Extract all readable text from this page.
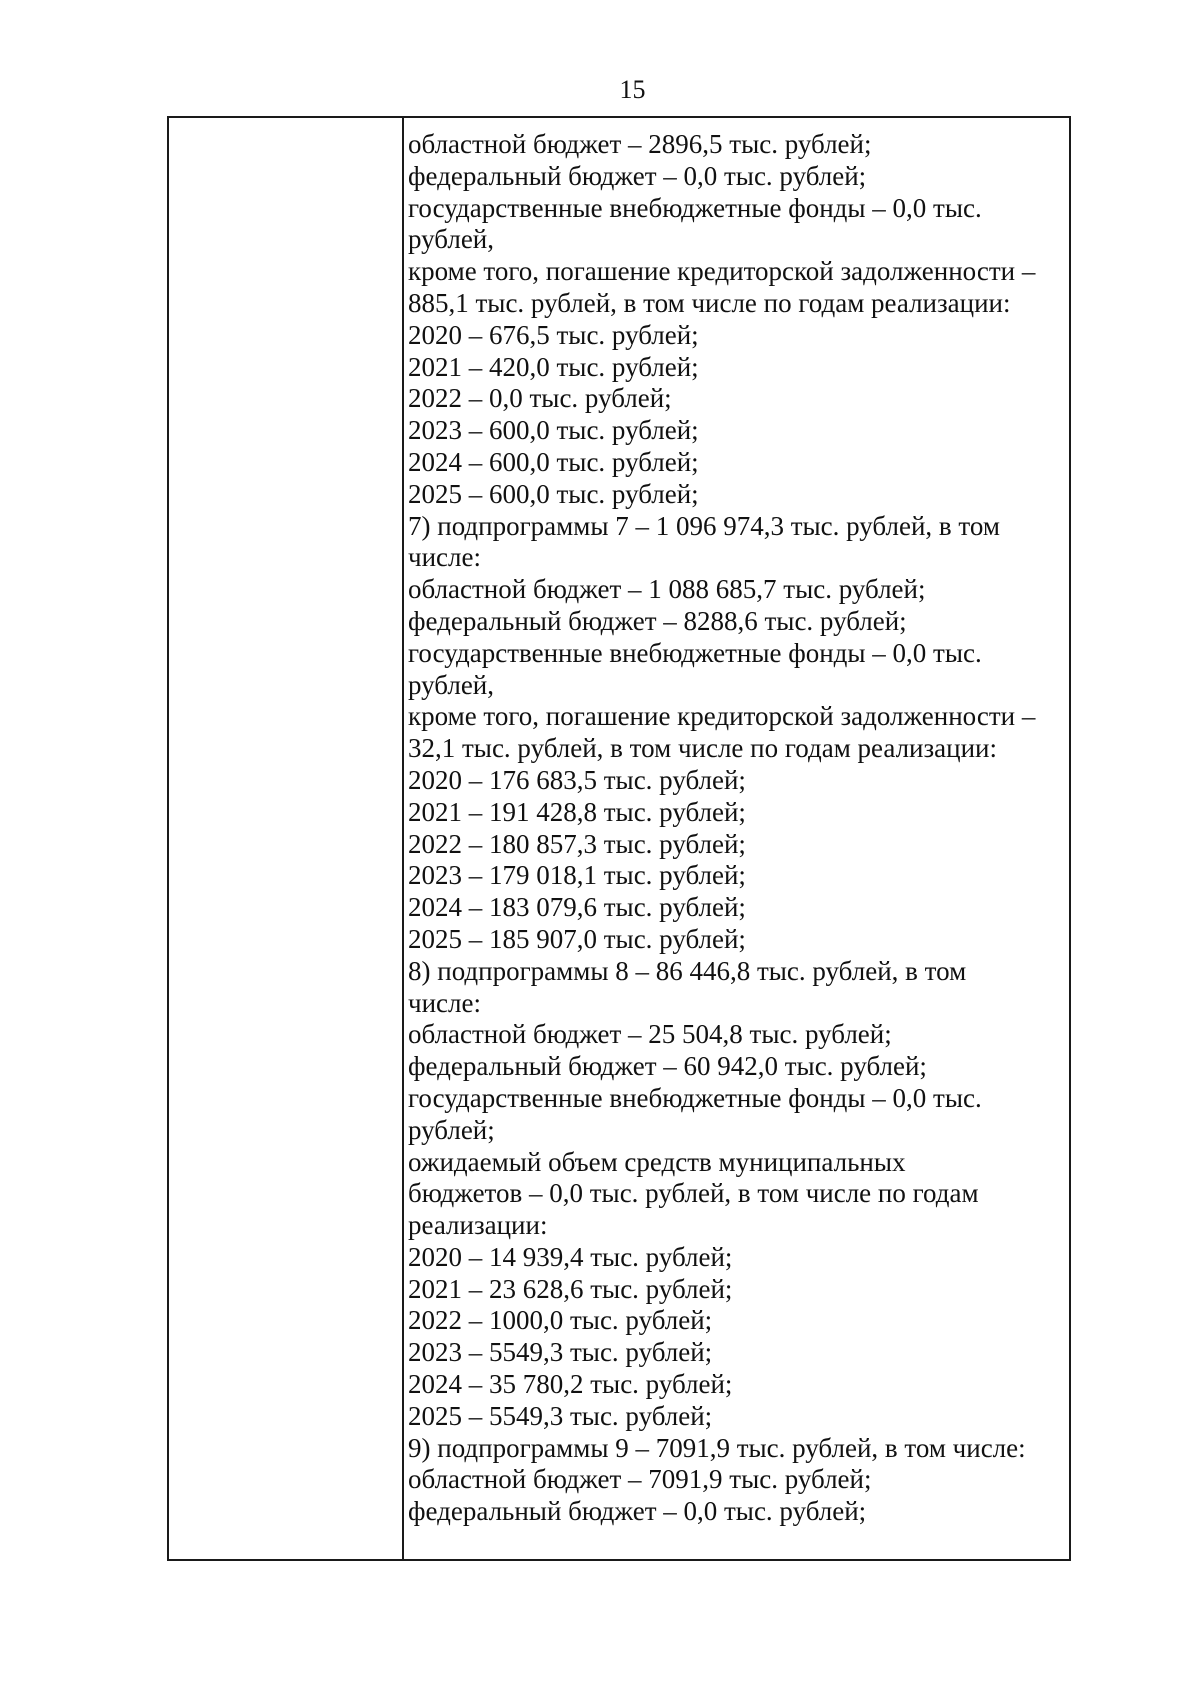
15
областной бюджет – 2896,5 тыс. рублей;
федеральный бюджет – 0,0 тыс. рублей;
государственные внебюджетные фонды – 0,0 тыс.
рублей,
кроме того, погашение кредиторской задолженности –
885,1 тыс. рублей, в том числе по годам реализации:
2020 – 676,5 тыс. рублей;
2021 – 420,0 тыс. рублей;
2022 – 0,0 тыс. рублей;
2023 – 600,0 тыс. рублей;
2024 – 600,0 тыс. рублей;
2025 – 600,0 тыс. рублей;
7) подпрограммы 7 – 1 096 974,3 тыс. рублей, в том
числе:
областной бюджет – 1 088 685,7 тыс. рублей;
федеральный бюджет – 8288,6 тыс. рублей;
государственные внебюджетные фонды – 0,0 тыс.
рублей,
кроме того, погашение кредиторской задолженности –
32,1 тыс. рублей, в том числе по годам реализации:
2020 – 176 683,5 тыс. рублей;
2021 – 191 428,8 тыс. рублей;
2022 – 180 857,3 тыс. рублей;
2023 – 179 018,1 тыс. рублей;
2024 – 183 079,6 тыс. рублей;
2025 – 185 907,0 тыс. рублей;
8) подпрограммы 8 – 86 446,8 тыс. рублей, в том
числе:
областной бюджет – 25 504,8 тыс. рублей;
федеральный бюджет – 60 942,0 тыс. рублей;
государственные внебюджетные фонды – 0,0 тыс.
рублей;
ожидаемый объем средств муниципальных
бюджетов – 0,0 тыс. рублей, в том числе по годам
реализации:
2020 – 14 939,4 тыс. рублей;
2021 – 23 628,6 тыс. рублей;
2022 – 1000,0 тыс. рублей;
2023 – 5549,3 тыс. рублей;
2024 – 35 780,2 тыс. рублей;
2025 – 5549,3 тыс. рублей;
9) подпрограммы 9 – 7091,9 тыс. рублей, в том числе:
областной бюджет – 7091,9 тыс. рублей;
федеральный бюджет – 0,0 тыс. рублей;
